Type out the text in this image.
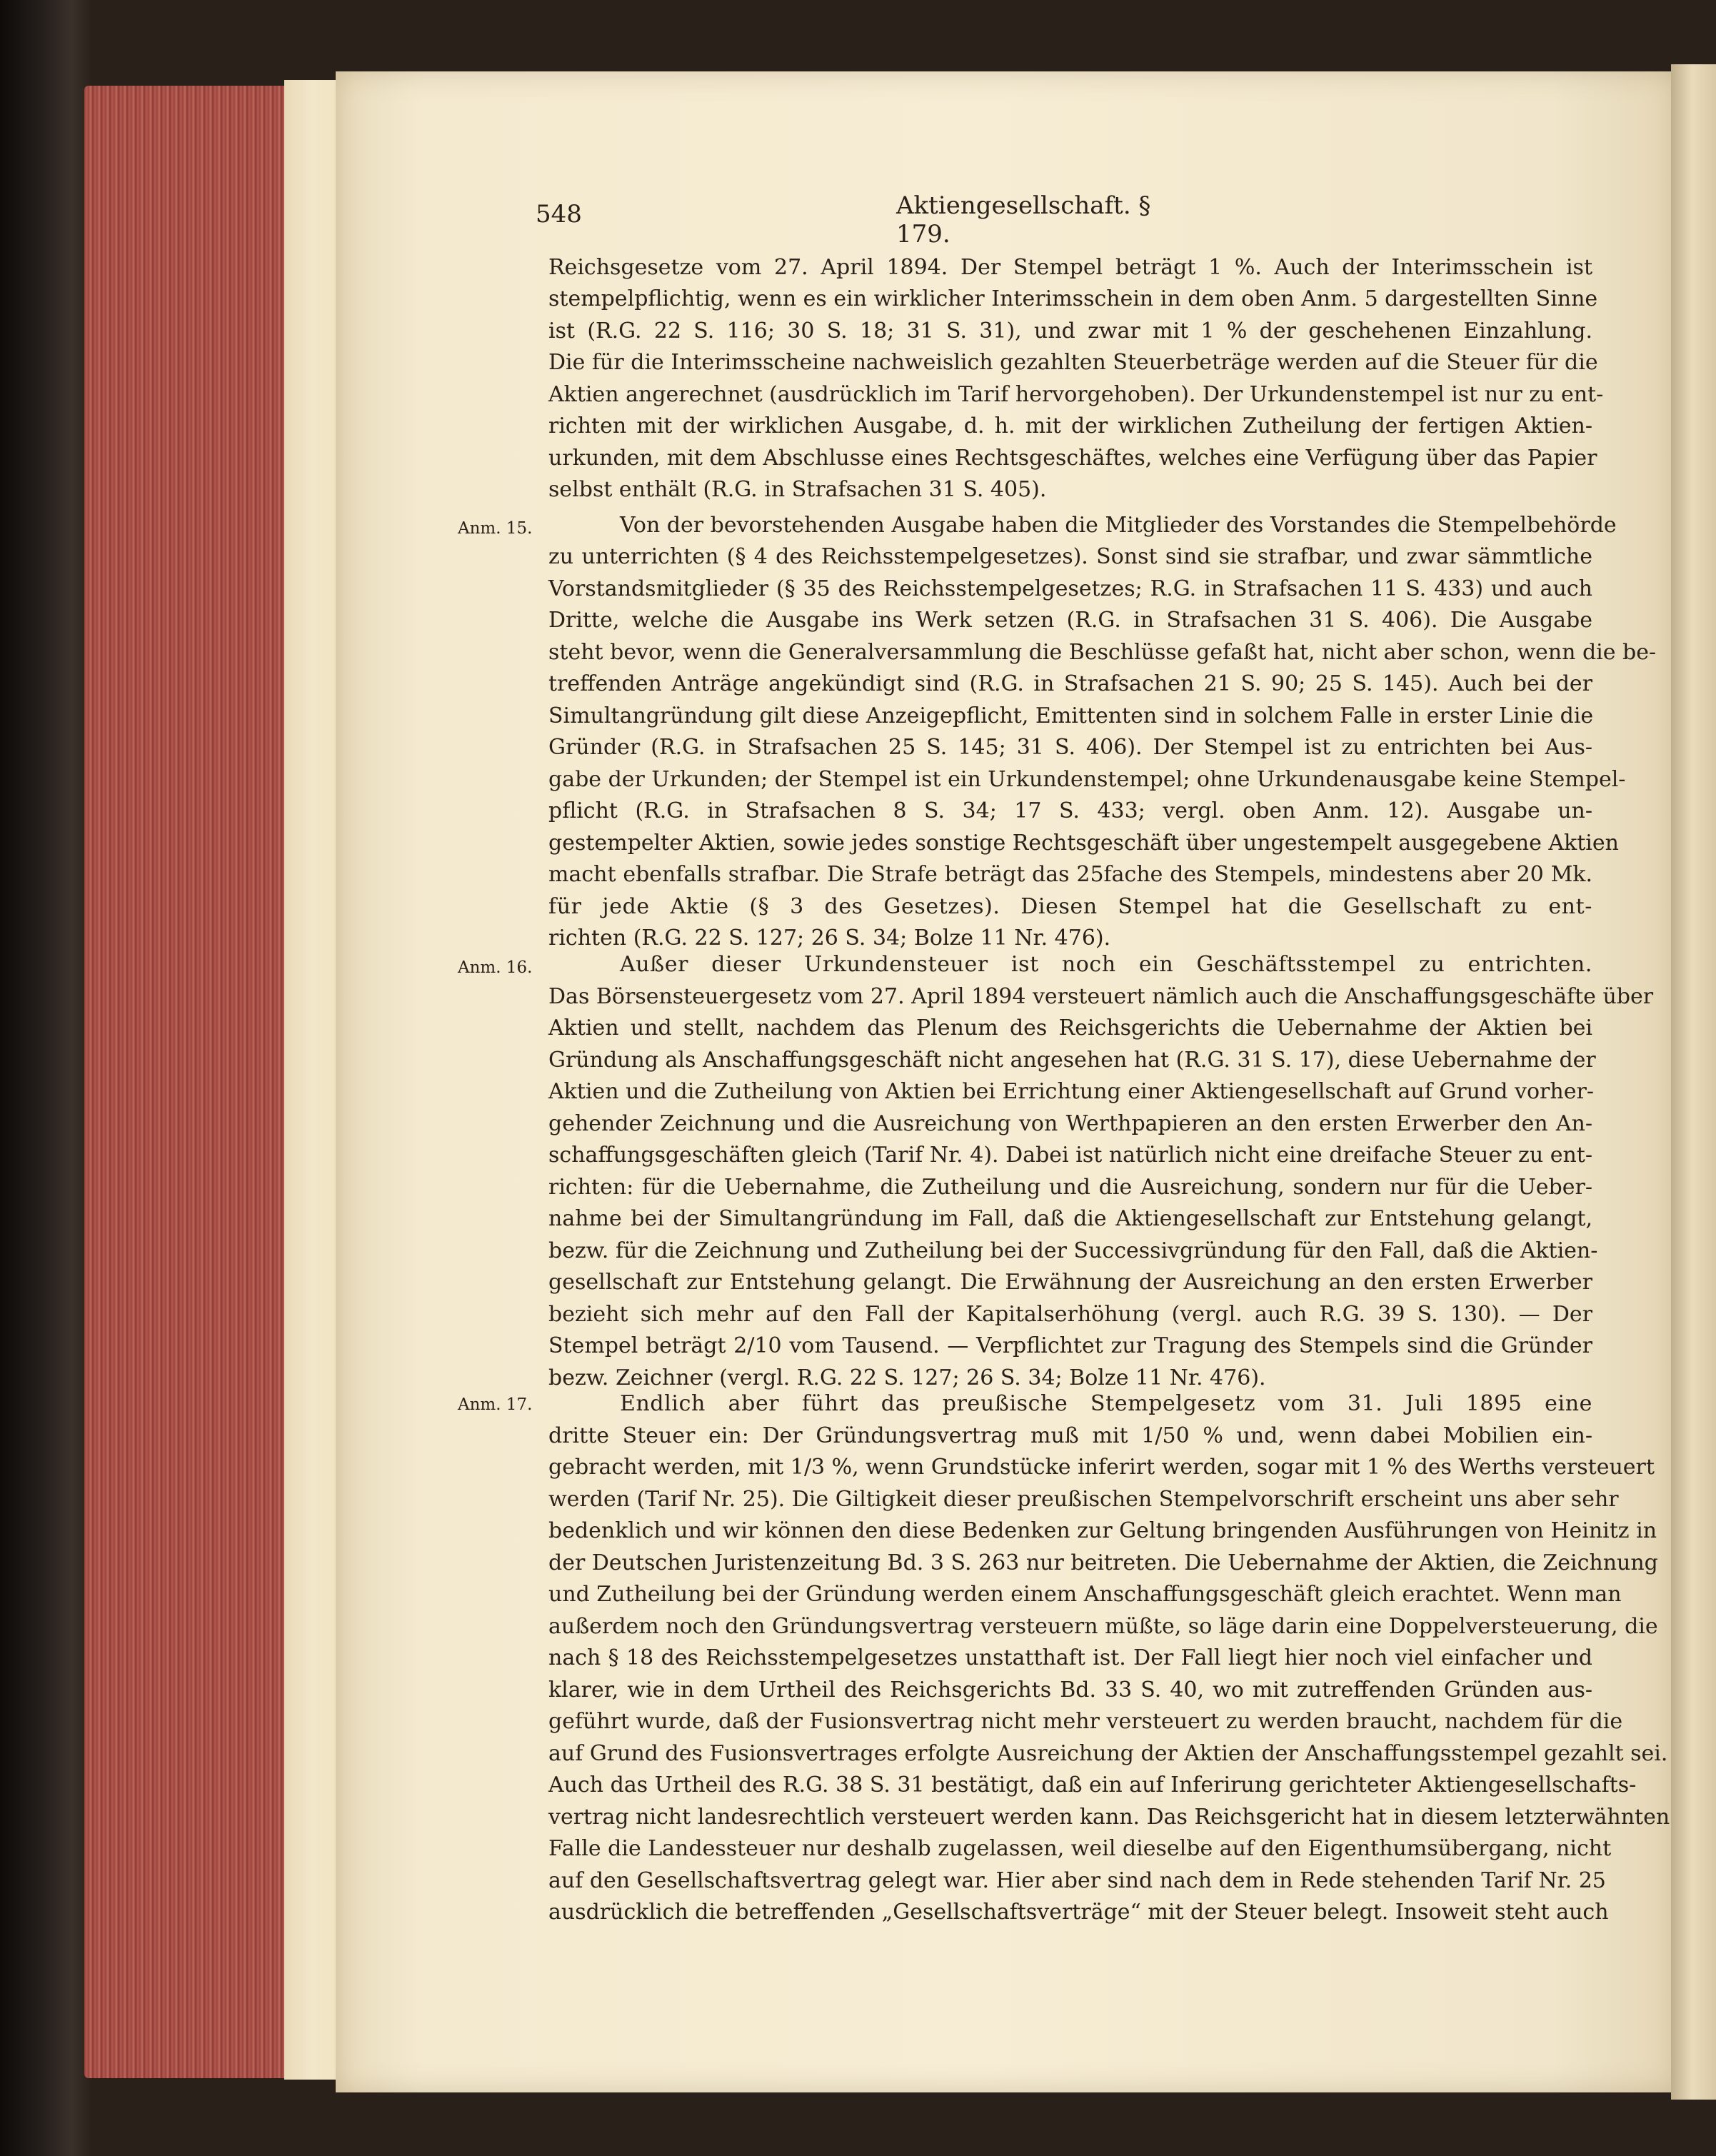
548	Aktiengesellschaft. § 179.
Anm. 15.
Anm. 16.
Anm. 17.
Reichsgesetze vom 27. April 1894. Der Stempel beträgt 1 %. Auch der Interimsschein ist
stempelpflichtig, wenn es ein wirklicher Interimsschein in dem oben Anm. 5 dargestellten Sinne
ist (R.G. 22 S. 116; 30 S. 18; 31 S. 31), und zwar mit 1 % der geschehenen Einzahlung.
Die für die Interimsscheine nachweislich gezahlten Steuerbeträge werden auf die Steuer für die
Aktien angerechnet (ausdrücklich im Tarif hervorgehoben). Der Urkundenstempel ist nur zu ent-
richten mit der wirklichen Ausgabe, d. h. mit der wirklichen Zutheilung der fertigen Aktien-
urkunden, mit dem Abschlusse eines Rechtsgeschäftes, welches eine Verfügung über das Papier
selbst enthält (R.G. in Strafsachen 31 S. 405).
Von der bevorstehenden Ausgabe haben die Mitglieder des Vorstandes die Stempelbehörde
zu unterrichten (§ 4 des Reichsstempelgesetzes). Sonst sind sie strafbar, und zwar sämmtliche
Vorstandsmitglieder (§ 35 des Reichsstempelgesetzes; R.G. in Strafsachen 11 S. 433) und auch
Dritte, welche die Ausgabe ins Werk setzen (R.G. in Strafsachen 31 S. 406). Die Ausgabe
steht bevor, wenn die Generalversammlung die Beschlüsse gefaßt hat, nicht aber schon, wenn die be-
treffenden Anträge angekündigt sind (R.G. in Strafsachen 21 S. 90; 25 S. 145). Auch bei der
Simultangründung gilt diese Anzeigepflicht, Emittenten sind in solchem Falle in erster Linie die
Gründer (R.G. in Strafsachen 25 S. 145; 31 S. 406). Der Stempel ist zu entrichten bei Aus-
gabe der Urkunden; der Stempel ist ein Urkundenstempel; ohne Urkundenausgabe keine Stempel-
pflicht (R.G. in Strafsachen 8 S. 34; 17 S. 433; vergl. oben Anm. 12). Ausgabe un-
gestempelter Aktien, sowie jedes sonstige Rechtsgeschäft über ungestempelt ausgegebene Aktien
macht ebenfalls strafbar. Die Strafe beträgt das 25fache des Stempels, mindestens aber 20 Mk.
für jede Aktie (§ 3 des Gesetzes). Diesen Stempel hat die Gesellschaft zu ent-
richten (R.G. 22 S. 127; 26 S. 34; Bolze 11 Nr. 476).
Außer dieser Urkundensteuer ist noch ein Geschäftsstempel zu entrichten.
Das Börsensteuergesetz vom 27. April 1894 versteuert nämlich auch die Anschaffungsgeschäfte über
Aktien und stellt, nachdem das Plenum des Reichsgerichts die Uebernahme der Aktien bei
Gründung als Anschaffungsgeschäft nicht angesehen hat (R.G. 31 S. 17), diese Uebernahme der
Aktien und die Zutheilung von Aktien bei Errichtung einer Aktiengesellschaft auf Grund vorher-
gehender Zeichnung und die Ausreichung von Werthpapieren an den ersten Erwerber den An-
schaffungsgeschäften gleich (Tarif Nr. 4). Dabei ist natürlich nicht eine dreifache Steuer zu ent-
richten: für die Uebernahme, die Zutheilung und die Ausreichung, sondern nur für die Ueber-
nahme bei der Simultangründung im Fall, daß die Aktiengesellschaft zur Entstehung gelangt,
bezw. für die Zeichnung und Zutheilung bei der Successivgründung für den Fall, daß die Aktien-
gesellschaft zur Entstehung gelangt. Die Erwähnung der Ausreichung an den ersten Erwerber
bezieht sich mehr auf den Fall der Kapitalserhöhung (vergl. auch R.G. 39 S. 130). — Der
Stempel beträgt 2/10 vom Tausend. — Verpflichtet zur Tragung des Stempels sind die Gründer
bezw. Zeichner (vergl. R.G. 22 S. 127; 26 S. 34; Bolze 11 Nr. 476).
Endlich aber führt das preußische Stempelgesetz vom 31. Juli 1895 eine
dritte Steuer ein: Der Gründungsvertrag muß mit 1/50 % und, wenn dabei Mobilien ein-
gebracht werden, mit 1/3 %, wenn Grundstücke inferirt werden, sogar mit 1 % des Werths versteuert
werden (Tarif Nr. 25). Die Giltigkeit dieser preußischen Stempelvorschrift erscheint uns aber sehr
bedenklich und wir können den diese Bedenken zur Geltung bringenden Ausführungen von Heinitz in
der Deutschen Juristenzeitung Bd. 3 S. 263 nur beitreten. Die Uebernahme der Aktien, die Zeichnung
und Zutheilung bei der Gründung werden einem Anschaffungsgeschäft gleich erachtet. Wenn man
außerdem noch den Gründungsvertrag versteuern müßte, so läge darin eine Doppelversteuerung, die
nach § 18 des Reichsstempelgesetzes unstatthaft ist. Der Fall liegt hier noch viel einfacher und
klarer, wie in dem Urtheil des Reichsgerichts Bd. 33 S. 40, wo mit zutreffenden Gründen aus-
geführt wurde, daß der Fusionsvertrag nicht mehr versteuert zu werden braucht, nachdem für die
auf Grund des Fusionsvertrages erfolgte Ausreichung der Aktien der Anschaffungsstempel gezahlt sei.
Auch das Urtheil des R.G. 38 S. 31 bestätigt, daß ein auf Inferirung gerichteter Aktiengesellschafts-
vertrag nicht landesrechtlich versteuert werden kann. Das Reichsgericht hat in diesem letzterwähnten
Falle die Landessteuer nur deshalb zugelassen, weil dieselbe auf den Eigenthumsübergang, nicht
auf den Gesellschaftsvertrag gelegt war. Hier aber sind nach dem in Rede stehenden Tarif Nr. 25
ausdrücklich die betreffenden „Gesellschaftsverträge“ mit der Steuer belegt. Insoweit steht auch
